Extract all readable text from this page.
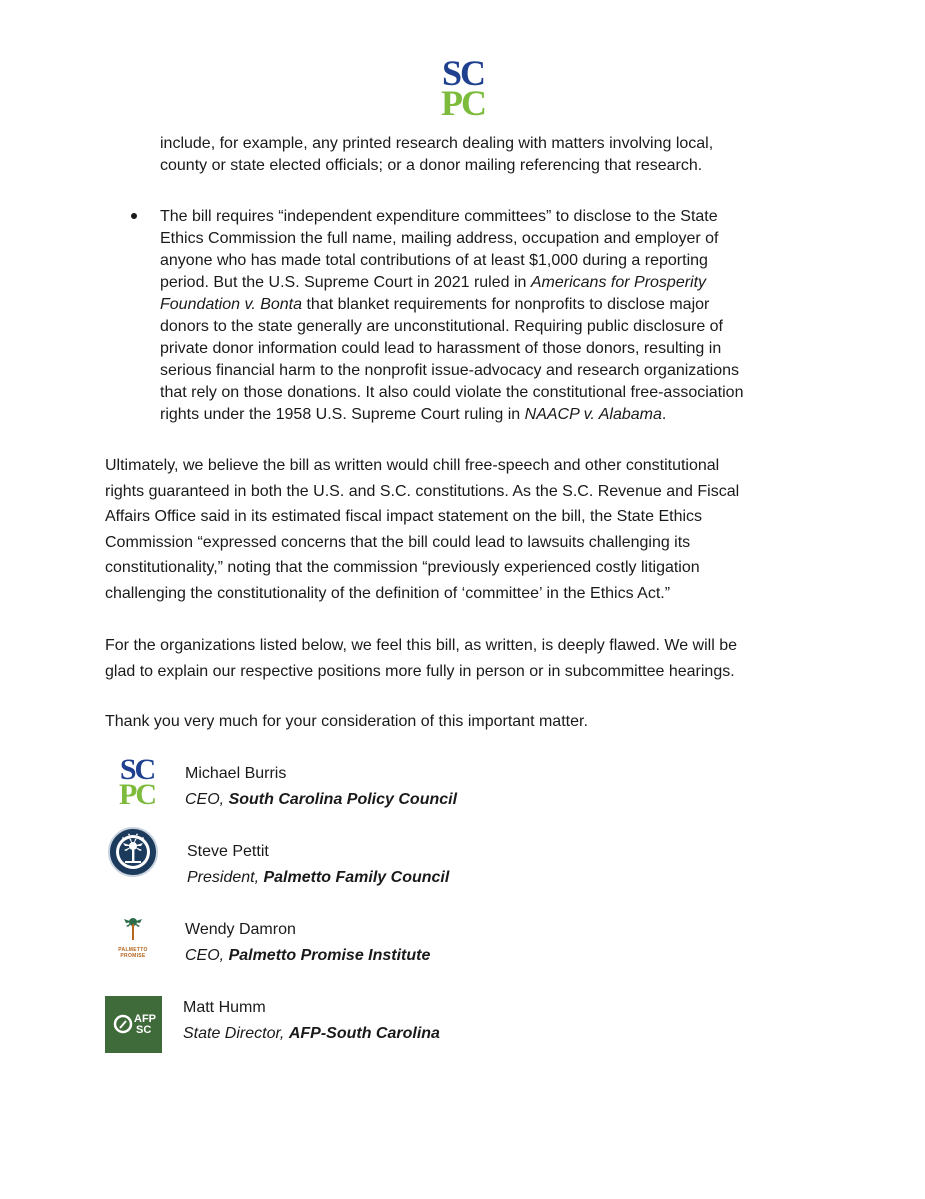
SC
PC
include, for example, any printed research dealing with matters involving local,
county or state elected officials; or a donor mailing referencing that research.
The bill requires “independent expenditure committees” to disclose to the State
Ethics Commission the full name, mailing address, occupation and employer of
anyone who has made total contributions of at least $1,000 during a reporting
period. But the U.S. Supreme Court in 2021 ruled in Americans for Prosperity
Foundation v. Bonta that blanket requirements for nonprofits to disclose major
donors to the state generally are unconstitutional. Requiring public disclosure of
private donor information could lead to harassment of those donors, resulting in
serious financial harm to the nonprofit issue-advocacy and research organizations
that rely on those donations. It also could violate the constitutional free-association
rights under the 1958 U.S. Supreme Court ruling in NAACP v. Alabama.
Ultimately, we believe the bill as written would chill free-speech and other constitutional
rights guaranteed in both the U.S. and S.C. constitutions. As the S.C. Revenue and Fiscal
Affairs Office said in its estimated fiscal impact statement on the bill, the State Ethics
Commission “expressed concerns that the bill could lead to lawsuits challenging its
constitutionality,” noting that the commission “previously experienced costly litigation
challenging the constitutionality of the definition of ‘committee’ in the Ethics Act.”
For the organizations listed below, we feel this bill, as written, is deeply flawed. We will be
glad to explain our respective positions more fully in person or in subcommittee hearings.
Thank you very much for your consideration of this important matter.
SC
PC
Michael Burris
CEO, South Carolina Policy Council
Steve Pettit
President, Palmetto Family Council
PALMETTO
PROMISE
Wendy Damron
CEO, Palmetto Promise Institute
AFP
SC
Matt Humm
State Director, AFP-South Carolina
